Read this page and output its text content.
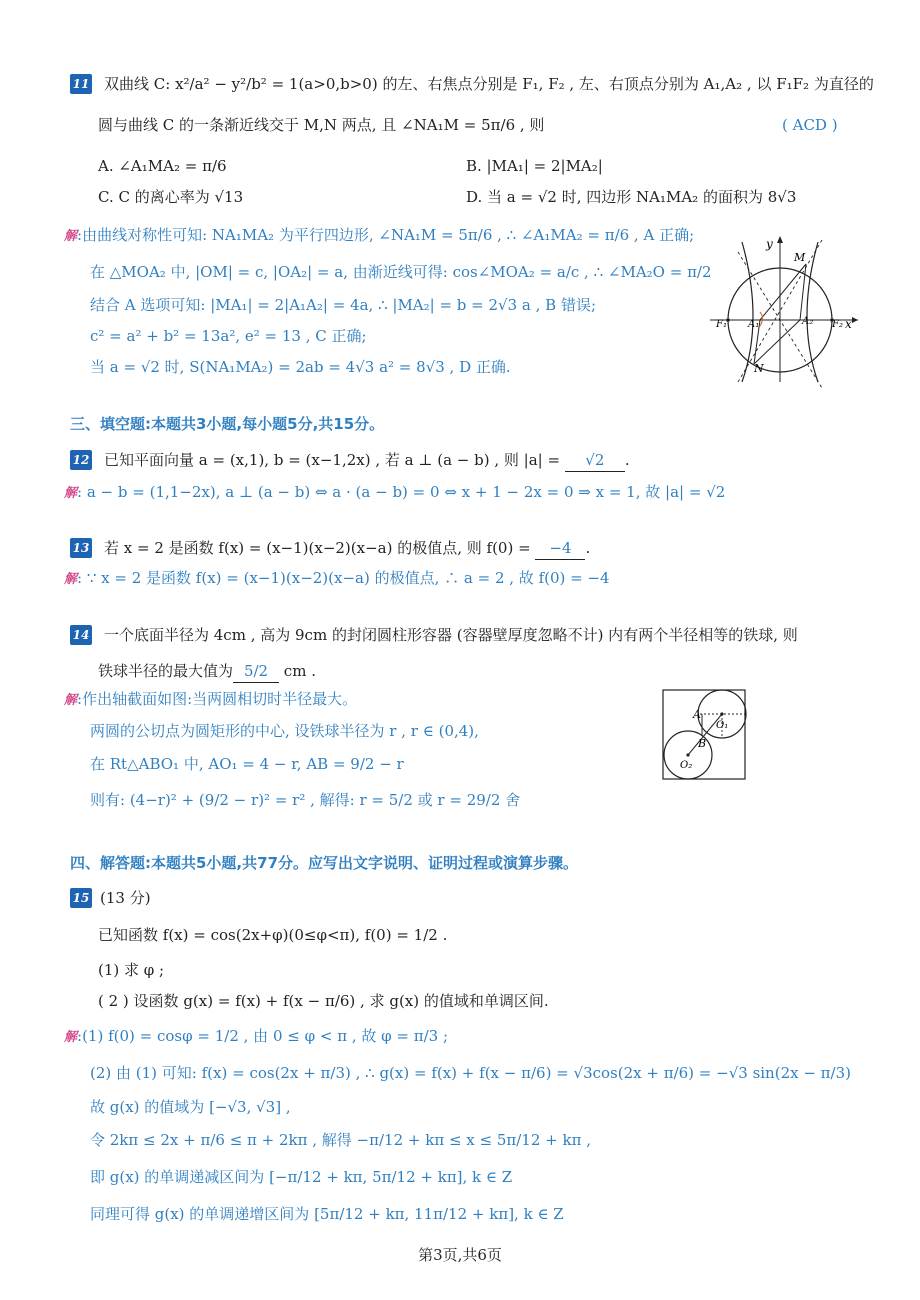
11 双曲线 C: x²/a² − y²/b² = 1(a>0,b>0) 的左、右焦点分别是 F₁, F₂ , 左、右顶点分别为 A₁,A₂ , 以 F₁F₂ 为直径的
圆与曲线 C 的一条渐近线交于 M,N 两点, 且 ∠NA₁M = 5π/6 , 则	( ACD )
A. ∠A₁MA₂ = π/6	B. |MA₁| = 2|MA₂|
C. C 的离心率为 √13	D. 当 a = √2 时, 四边形 NA₁MA₂ 的面积为 8√3
解:由曲线对称性可知: NA₁MA₂ 为平行四边形, ∠NA₁M = 5π/6 , ∴ ∠A₁MA₂ = π/6 , A 正确;
在 △MOA₂ 中, |OM| = c, |OA₂| = a, 由渐近线可得: cos∠MOA₂ = a/c , ∴ ∠MA₂O = π/2
结合 A 选项可知: |MA₁| = 2|A₁A₂| = 4a, ∴ |MA₂| = b = 2√3 a , B 错误;
c² = a² + b² = 13a², e² = 13 , C 正确;
当 a = √2 时, S(NA₁MA₂) = 2ab = 4√3 a² = 8√3 , D 正确.
y
x
M
N
F₁	F₂
A₁	A₂
三、填空题:本题共3小题,每小题5分,共15分。
12 已知平面向量 a = (x,1), b = (x−1,2x) , 若 a ⊥ (a − b) , 则 |a| = √2 .
解: a − b = (1,1−2x), a ⊥ (a − b) ⇔ a · (a − b) = 0 ⇔ x + 1 − 2x = 0 ⇒ x = 1, 故 |a| = √2
13 若 x = 2 是函数 f(x) = (x−1)(x−2)(x−a) 的极值点, 则 f(0) = −4 .
解: ∵ x = 2 是函数 f(x) = (x−1)(x−2)(x−a) 的极值点, ∴ a = 2 , 故 f(0) = −4
14 一个底面半径为 4cm , 高为 9cm 的封闭圆柱形容器 (容器壁厚度忽略不计) 内有两个半径相等的铁球, 则
铁球半径的最大值为 5/2 cm .
解:作出轴截面如图:当两圆相切时半径最大。
两圆的公切点为圆矩形的中心, 设铁球半径为 r , r ∈ (0,4),
在 Rt△ABO₁ 中, AO₁ = 4 − r, AB = 9/2 − r
则有: (4−r)² + (9/2 − r)² = r² , 解得: r = 5/2 或 r = 29/2 舍
A
B
O₁
O₂
四、解答题:本题共5小题,共77分。应写出文字说明、证明过程或演算步骤。
15 (13 分)
已知函数 f(x) = cos(2x+φ)(0≤φ<π), f(0) = 1/2 .
(1) 求 φ ;
( 2 ) 设函数 g(x) = f(x) + f(x − π/6) , 求 g(x) 的值域和单调区间.
解:(1) f(0) = cosφ = 1/2 , 由 0 ≤ φ < π , 故 φ = π/3 ;
(2) 由 (1) 可知: f(x) = cos(2x + π/3) , ∴ g(x) = f(x) + f(x − π/6) = √3cos(2x + π/6) = −√3 sin(2x − π/3)
故 g(x) 的值域为 [−√3, √3] ,
令 2kπ ≤ 2x + π/6 ≤ π + 2kπ , 解得 −π/12 + kπ ≤ x ≤ 5π/12 + kπ ,
即 g(x) 的单调递减区间为 [−π/12 + kπ, 5π/12 + kπ], k ∈ Z
同理可得 g(x) 的单调递增区间为 [5π/12 + kπ, 11π/12 + kπ], k ∈ Z
第3页,共6页
